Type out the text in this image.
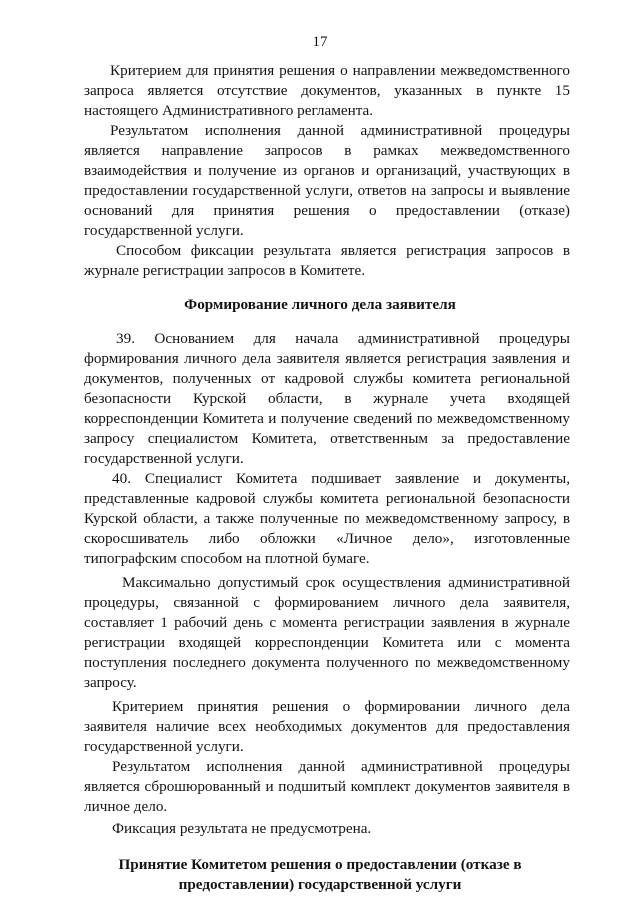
17
Критерием для принятия решения о направлении межведомственного
запроса является отсутствие документов, указанных в пункте 15
настоящего Административного регламента.
Результатом исполнения данной административной процедуры
является направление запросов в рамках межведомственного
взаимодействия и получение из органов и организаций, участвующих в
предоставлении государственной услуги, ответов на запросы и выявление
оснований для принятия решения о предоставлении (отказе)
государственной услуги.
Способом фиксации результата является регистрация запросов в
журнале регистрации запросов в Комитете.
Формирование личного дела заявителя
39. Основанием для начала административной процедуры
формирования личного дела заявителя является регистрация заявления и
документов, полученных от кадровой службы комитета региональной
безопасности Курской области, в журнале учета входящей
корреспонденции Комитета и получение сведений по межведомственному
запросу специалистом Комитета, ответственным за предоставление
государственной услуги.
40. Специалист Комитета подшивает заявление и документы,
представленные кадровой службы комитета региональной безопасности
Курской области, а также полученные по межведомственному запросу, в
скоросшиватель либо обложки «Личное дело», изготовленные
типографским способом на плотной бумаге.
Максимально допустимый срок осуществления административной
процедуры, связанной с формированием личного дела заявителя,
составляет 1 рабочий день с момента регистрации заявления в журнале
регистрации входящей корреспонденции Комитета или с момента
поступления последнего документа полученного по межведомственному
запросу.
Критерием принятия решения о формировании личного дела
заявителя наличие всех необходимых документов для предоставления
государственной услуги.
Результатом исполнения данной административной процедуры
является сброшюрованный и подшитый комплект документов заявителя в
личное дело.
Фиксация результата не предусмотрена.
Принятие Комитетом решения о предоставлении (отказе в
предоставлении) государственной услуги
